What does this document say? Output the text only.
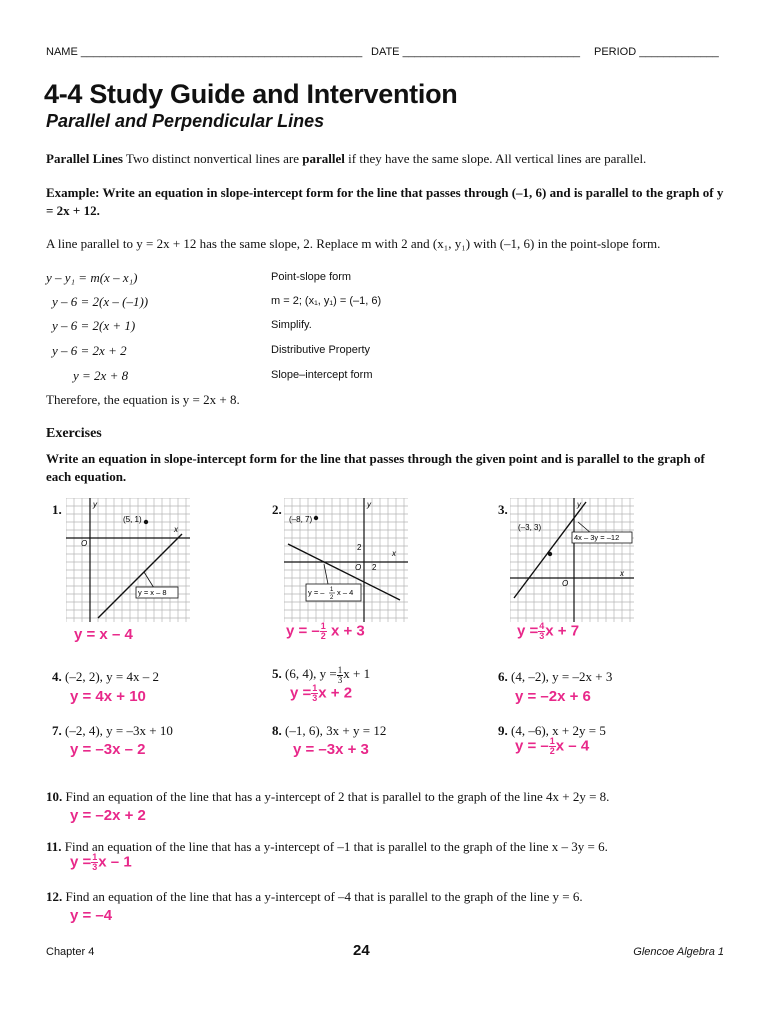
NAME ______________________________________________ DATE _____________________________ PERIOD _____________
4-4 Study Guide and Intervention
Parallel and Perpendicular Lines
Parallel Lines Two distinct nonvertical lines are parallel if they have the same slope. All vertical lines are parallel.
Example: Write an equation in slope-intercept form for the line that passes through (–1, 6) and is parallel to the graph of y = 2x + 12.
A line parallel to y = 2x + 12 has the same slope, 2. Replace m with 2 and (x₁, y₁) with (–1, 6) in the point-slope form.
y – y₁ = m(x – x₁)	Point-slope form
y – 6 = 2(x – (–1))	m = 2; (x₁, y₁) = (–1, 6)
y – 6 = 2(x + 1)	Simplify.
y – 6 = 2x + 2	Distributive Property
y = 2x + 8	Slope–intercept form
Therefore, the equation is y = 2x + 8.
Exercises
Write an equation in slope-intercept form for the line that passes through the given point and is parallel to the graph of each equation.
1.	2.	3.
(5, 1)
y
x
O
y = x – 8
(–8, 7)
y
x
O
2
2
y = – 1
2
x – 4
(–3, 3)
y
x
O
4x – 3y = –12
y = x – 4	y = – $\frac{1}{2}$ x + 3	$y = \frac{4}{3}$ x + 7
4. (–2, 2), y = 4x – 2
y = 4x + 10
5. (6, 4), $y = \frac{1}{3}$ x + 1
$y = \frac{1}{3}$ x + 2
6. (4, –2), y = –2x + 3
y = –2x + 6
7. (–2, 4), y = –3x + 10
y = –3x – 2
8. (–1, 6), 3x + y = 12
y = –3x + 3
9. (4, –6), x + 2y = 5
y = – $\frac{1}{2}$ x – 4
10. Find an equation of the line that has a y-intercept of 2 that is parallel to the graph of the line 4x + 2y = 8.
y = –2x + 2
11. Find an equation of the line that has a y-intercept of –1 that is parallel to the graph of the line x – 3y = 6.
$y = \frac{1}{3}$ x – 1
12. Find an equation of the line that has a y-intercept of –4 that is parallel to the graph of the line y = 6.
y = –4
Chapter 4	24	Glencoe Algebra 1
